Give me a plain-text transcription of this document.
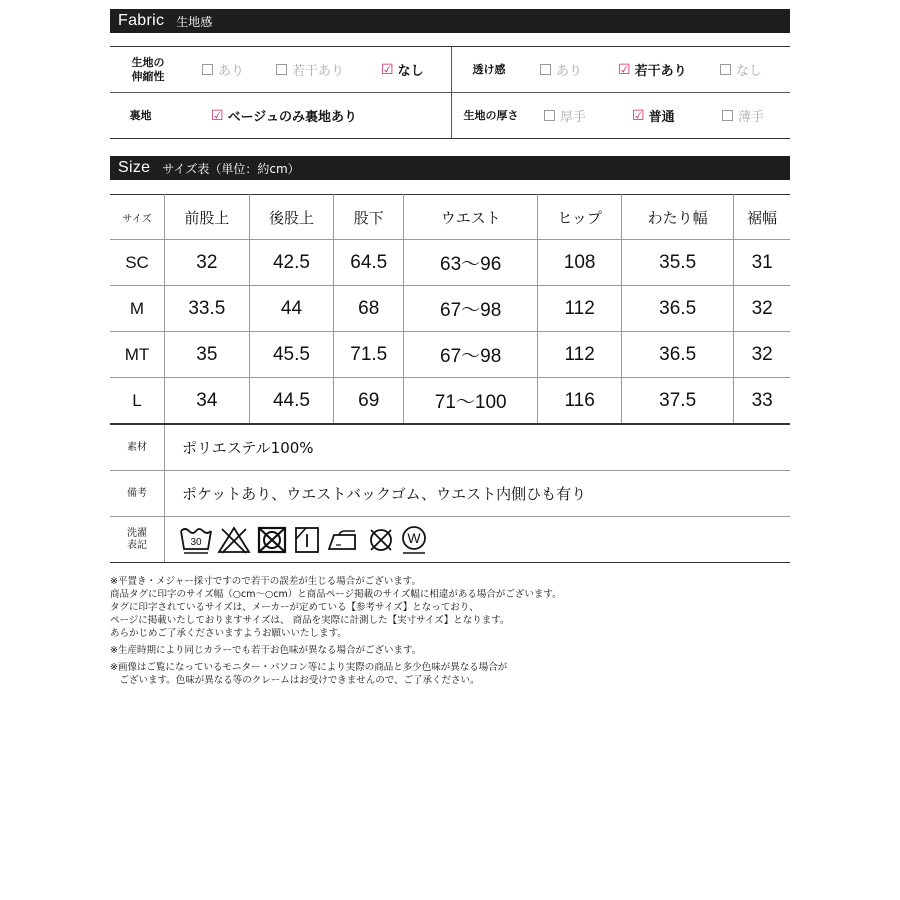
Fabric 生地感
生地の
伸縮性	あり	若干あり	☑ なし	透け感	あり	☑ 若干あり	なし
裏地	☑ ベージュのみ裏地あり	生地の厚さ	厚手	☑ 普通	薄手
Size サイズ表（単位：約cm）
サイズ	前股上	後股上	股下	ウエスト	ヒップ	わたり幅	裾幅
SC	32	42.5	64.5	63～96	108	35.5	31
M	33.5	44	68	67～98	112	36.5	32
MT	35	45.5	71.5	67～98	112	36.5	32
L	34	44.5	69	71～100	116	37.5	33
素材	ポリエステル100%
備考	ポケットあり、ウエストバックゴム、ウエスト内側ひも有り
洗濯
表記	30	W

※平置き・メジャー採寸ですので若干の誤差が生じる場合がございます。

商品タグに印字のサイズ幅（○cm～○cm）と商品ページ掲載のサイズ幅に相違がある場合がございます。

タグに印字されているサイズは、メーカーが定めている【参考サイズ】となっており、

ページに掲載いたしておりますサイズは、 商品を実際に計測した【実寸サイズ】となります。

あらかじめご了承くださいますようお願いいたします。

※生産時期により同じカラーでも若干お色味が異なる場合がございます。

※画像はご覧になっているモニター・パソコン等により実際の商品と多少色味が異なる場合が

　ございます。色味が異なる等のクレームはお受けできませんので、ご了承ください。
